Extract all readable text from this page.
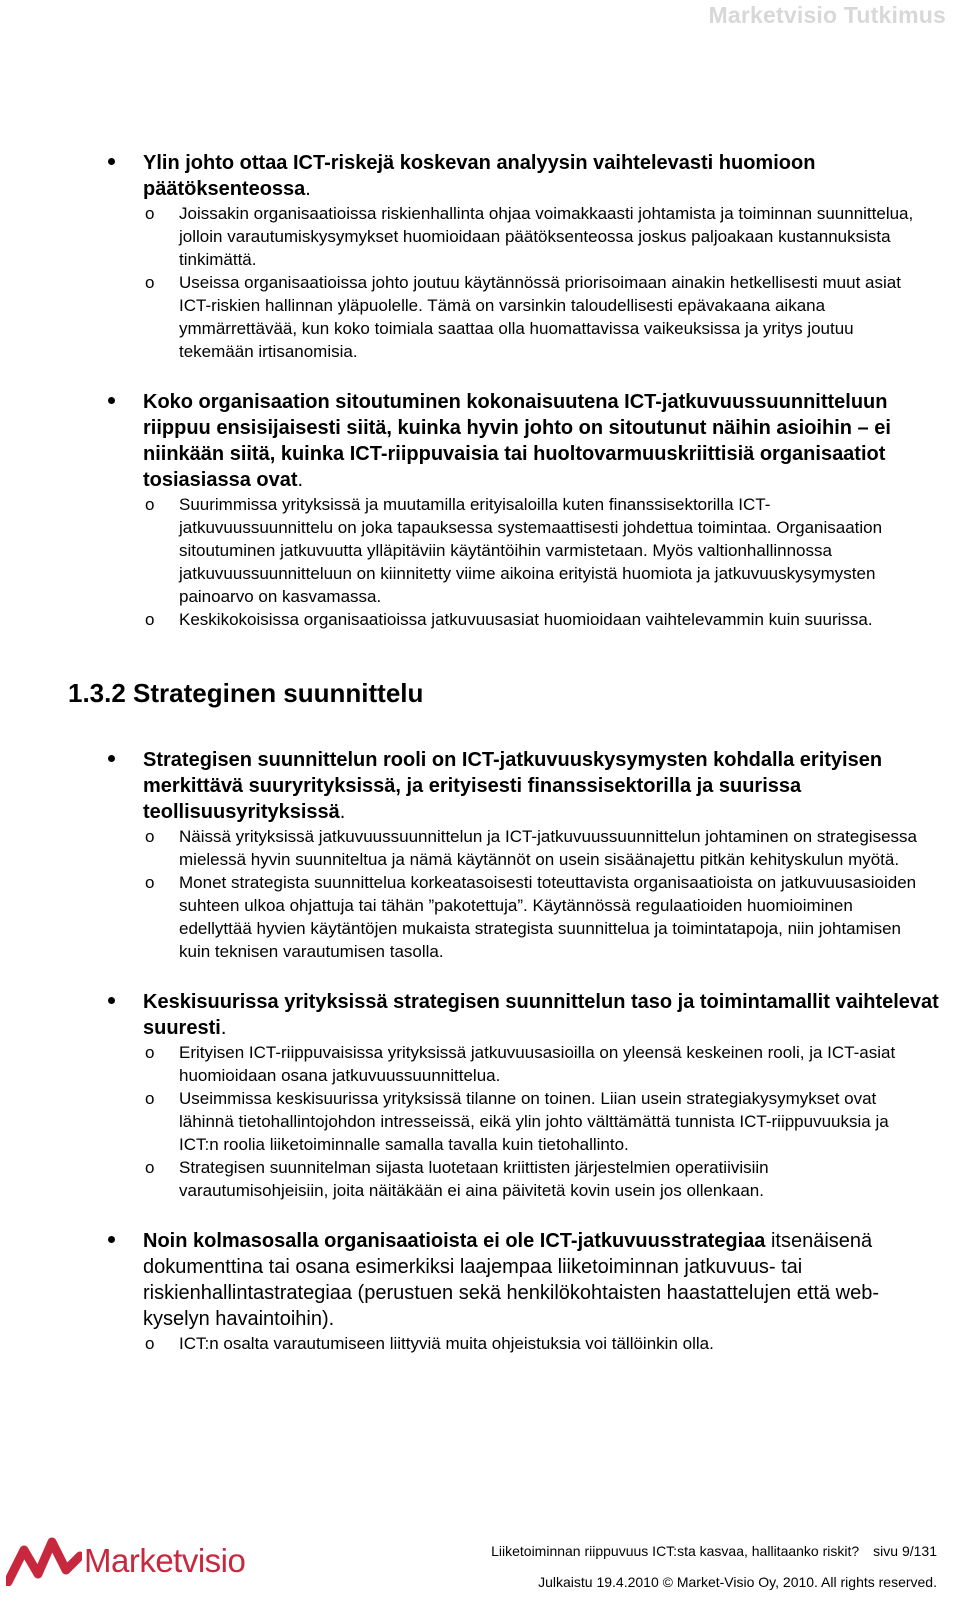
Marketvisio Tutkimus
Ylin johto ottaa ICT-riskejä koskevan analyysin vaihtelevasti huomioon päätöksenteossa.
o Joissakin organisaatioissa riskienhallinta ohjaa voimakkaasti johtamista ja toiminnan suunnittelua, jolloin varautumiskysymykset huomioidaan päätöksenteossa joskus paljoakaan kustannuksista tinkimättä.
o Useissa organisaatioissa johto joutuu käytännössä priorisoimaan ainakin hetkellisesti muut asiat ICT-riskien hallinnan yläpuolelle. Tämä on varsinkin taloudellisesti epävakaana aikana ymmärrettävää, kun koko toimiala saattaa olla huomattavissa vaikeuksissa ja yritys joutuu tekemään irtisanomisia.
Koko organisaation sitoutuminen kokonaisuutena ICT-jatkuvuussuunnitteluun riippuu ensisijaisesti siitä, kuinka hyvin johto on sitoutunut näihin asioihin – ei niinkään siitä, kuinka ICT-riippuvaisia tai huoltovarmuuskriittisiä organisaatiot tosiasiassa ovat.
o Suurimmissa yrityksissä ja muutamilla erityisaloilla kuten finanssisektorilla ICT-jatkuvuussuunnittelu on joka tapauksessa systemaattisesti johdettua toimintaa. Organisaation sitoutuminen jatkuvuutta ylläpitäviin käytäntöihin varmistetaan. Myös valtionhallinnossa jatkuvuussuunnitteluun on kiinnitetty viime aikoina erityistä huomiota ja jatkuvuuskysymysten painoarvo on kasvamassa.
o Keskikokoisissa organisaatioissa jatkuvuusasiat huomioidaan vaihtelevammin kuin suurissa.
1.3.2 Strateginen suunnittelu
Strategisen suunnittelun rooli on ICT-jatkuvuuskysymysten kohdalla erityisen merkittävä suuryrityksissä, ja erityisesti finanssisektorilla ja suurissa teollisuusyrityksissä.
o Näissä yrityksissä jatkuvuussuunnittelun ja ICT-jatkuvuussuunnittelun johtaminen on strategisessa mielessä hyvin suunniteltua ja nämä käytännöt on usein sisäänajettu pitkän kehityskulun myötä.
o Monet strategista suunnittelua korkeatasoisesti toteuttavista organisaatioista on jatkuvuusasioiden suhteen ulkoa ohjattuja tai tähän ”pakotettuja”. Käytännössä regulaatioiden huomioiminen edellyttää hyvien käytäntöjen mukaista strategista suunnittelua ja toimintatapoja, niin johtamisen kuin teknisen varautumisen tasolla.
Keskisuurissa yrityksissä strategisen suunnittelun taso ja toimintamallit vaihtelevat suuresti.
o Erityisen ICT-riippuvaisissa yrityksissä jatkuvuusasioilla on yleensä keskeinen rooli, ja ICT-asiat huomioidaan osana jatkuvuussuunnittelua.
o Useimmissa keskisuurissa yrityksissä tilanne on toinen. Liian usein strategiakysymykset ovat lähinnä tietohallintojohdon intresseissä, eikä ylin johto välttämättä tunnista ICT-riippuvuuksia ja ICT:n roolia liiketoiminnalle samalla tavalla kuin tietohallinto.
o Strategisen suunnitelman sijasta luotetaan kriittisten järjestelmien operatiivisiin varautumisohjeisiin, joita näitäkään ei aina päivitetä kovin usein jos ollenkaan.
Noin kolmasosalla organisaatioista ei ole ICT-jatkuvuusstrategiaa itsenäisenä dokumenttina tai osana esimerkiksi laajempaa liiketoiminnan jatkuvuus- tai riskienhallintastrategiaa (perustuen sekä henkilökohtaisten haastattelujen että web-kyselyn havaintoihin).
o ICT:n osalta varautumiseen liittyviä muita ohjeistuksia voi tällöinkin olla.
Marketvisio	Liiketoiminnan riippuvuus ICT:sta kasvaa, hallitaanko riskit? sivu 9/131
Julkaistu 19.4.2010 © Market-Visio Oy, 2010. All rights reserved.
